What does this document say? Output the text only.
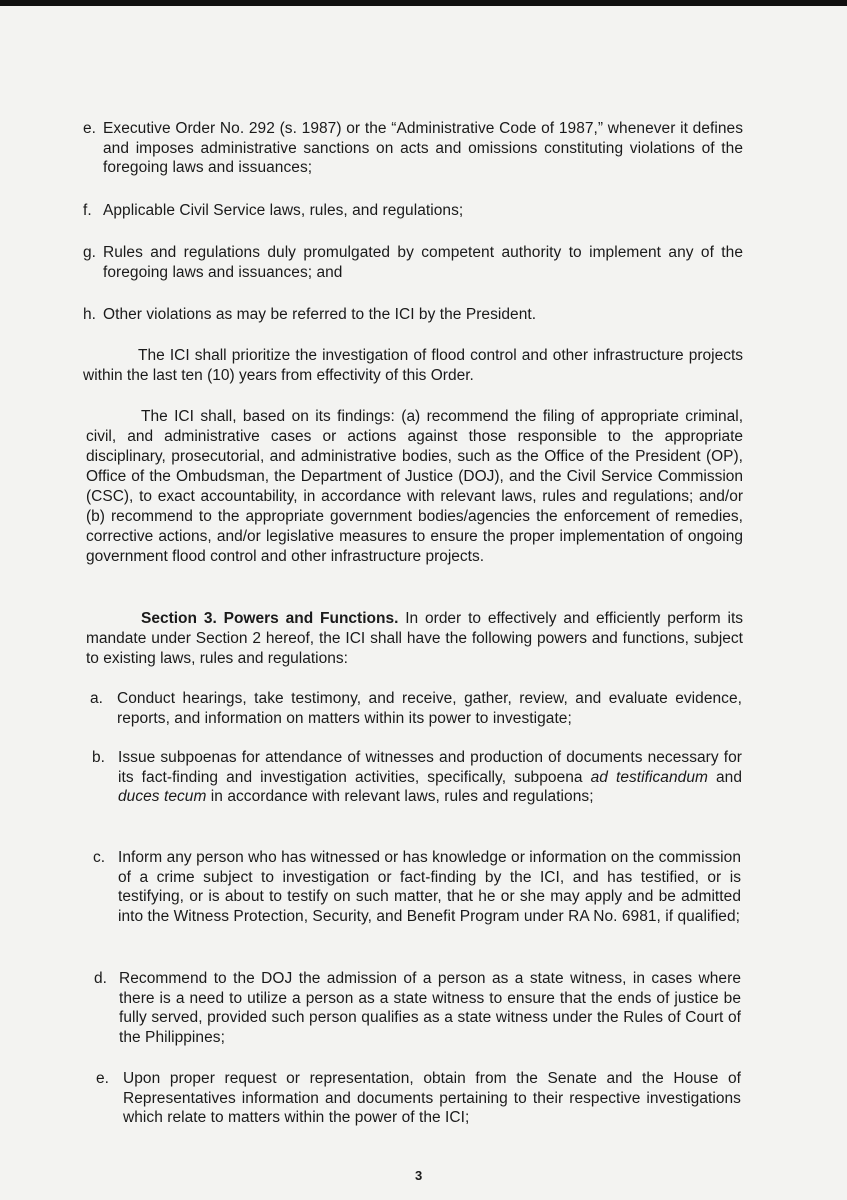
e. Executive Order No. 292 (s. 1987) or the “Administrative Code of 1987,” whenever it defines and imposes administrative sanctions on acts and omissions constituting violations of the foregoing laws and issuances;
f. Applicable Civil Service laws, rules, and regulations;
g. Rules and regulations duly promulgated by competent authority to implement any of the foregoing laws and issuances; and
h. Other violations as may be referred to the ICI by the President.
The ICI shall prioritize the investigation of flood control and other infrastructure projects within the last ten (10) years from effectivity of this Order.
The ICI shall, based on its findings: (a) recommend the filing of appropriate criminal, civil, and administrative cases or actions against those responsible to the appropriate disciplinary, prosecutorial, and administrative bodies, such as the Office of the President (OP), Office of the Ombudsman, the Department of Justice (DOJ), and the Civil Service Commission (CSC), to exact accountability, in accordance with relevant laws, rules and regulations; and/or (b) recommend to the appropriate government bodies/agencies the enforcement of remedies, corrective actions, and/or legislative measures to ensure the proper implementation of ongoing government flood control and other infrastructure projects.
Section 3. Powers and Functions. In order to effectively and efficiently perform its mandate under Section 2 hereof, the ICI shall have the following powers and functions, subject to existing laws, rules and regulations:
a. Conduct hearings, take testimony, and receive, gather, review, and evaluate evidence, reports, and information on matters within its power to investigate;
b. Issue subpoenas for attendance of witnesses and production of documents necessary for its fact-finding and investigation activities, specifically, subpoena ad testificandum and duces tecum in accordance with relevant laws, rules and regulations;
c. Inform any person who has witnessed or has knowledge or information on the commission of a crime subject to investigation or fact-finding by the ICI, and has testified, or is testifying, or is about to testify on such matter, that he or she may apply and be admitted into the Witness Protection, Security, and Benefit Program under RA No. 6981, if qualified;
d. Recommend to the DOJ the admission of a person as a state witness, in cases where there is a need to utilize a person as a state witness to ensure that the ends of justice be fully served, provided such person qualifies as a state witness under the Rules of Court of the Philippines;
e. Upon proper request or representation, obtain from the Senate and the House of Representatives information and documents pertaining to their respective investigations which relate to matters within the power of the ICI;
3
